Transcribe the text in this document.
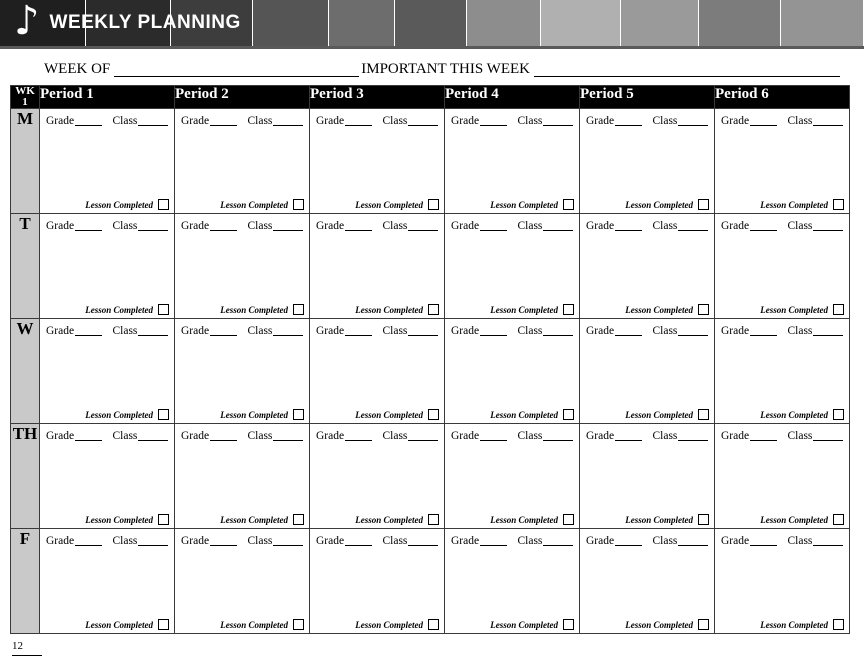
♪ WEEKLY PLANNING
WEEK OF	IMPORTANT THIS WEEK
WK
1	Period 1	Period 2	Period 3	Period 4	Period 5	Period 6
M	Grade	Class
Lesson Completed

Grade	Class
Lesson Completed

Grade	Class
Lesson Completed

Grade	Class
Lesson Completed

Grade	Class
Lesson Completed

Grade	Class
Lesson Completed

T	Grade	Class
Lesson Completed

Grade	Class
Lesson Completed

Grade	Class
Lesson Completed

Grade	Class
Lesson Completed

Grade	Class
Lesson Completed

Grade	Class
Lesson Completed

W	Grade	Class
Lesson Completed

Grade	Class
Lesson Completed

Grade	Class
Lesson Completed

Grade	Class
Lesson Completed

Grade	Class
Lesson Completed

Grade	Class
Lesson Completed

TH	Grade	Class
Lesson Completed

Grade	Class
Lesson Completed

Grade	Class
Lesson Completed

Grade	Class
Lesson Completed

Grade	Class
Lesson Completed

Grade	Class
Lesson Completed

F	Grade	Class
Lesson Completed

Grade	Class
Lesson Completed

Grade	Class
Lesson Completed

Grade	Class
Lesson Completed

Grade	Class
Lesson Completed

Grade	Class
Lesson Completed
12
